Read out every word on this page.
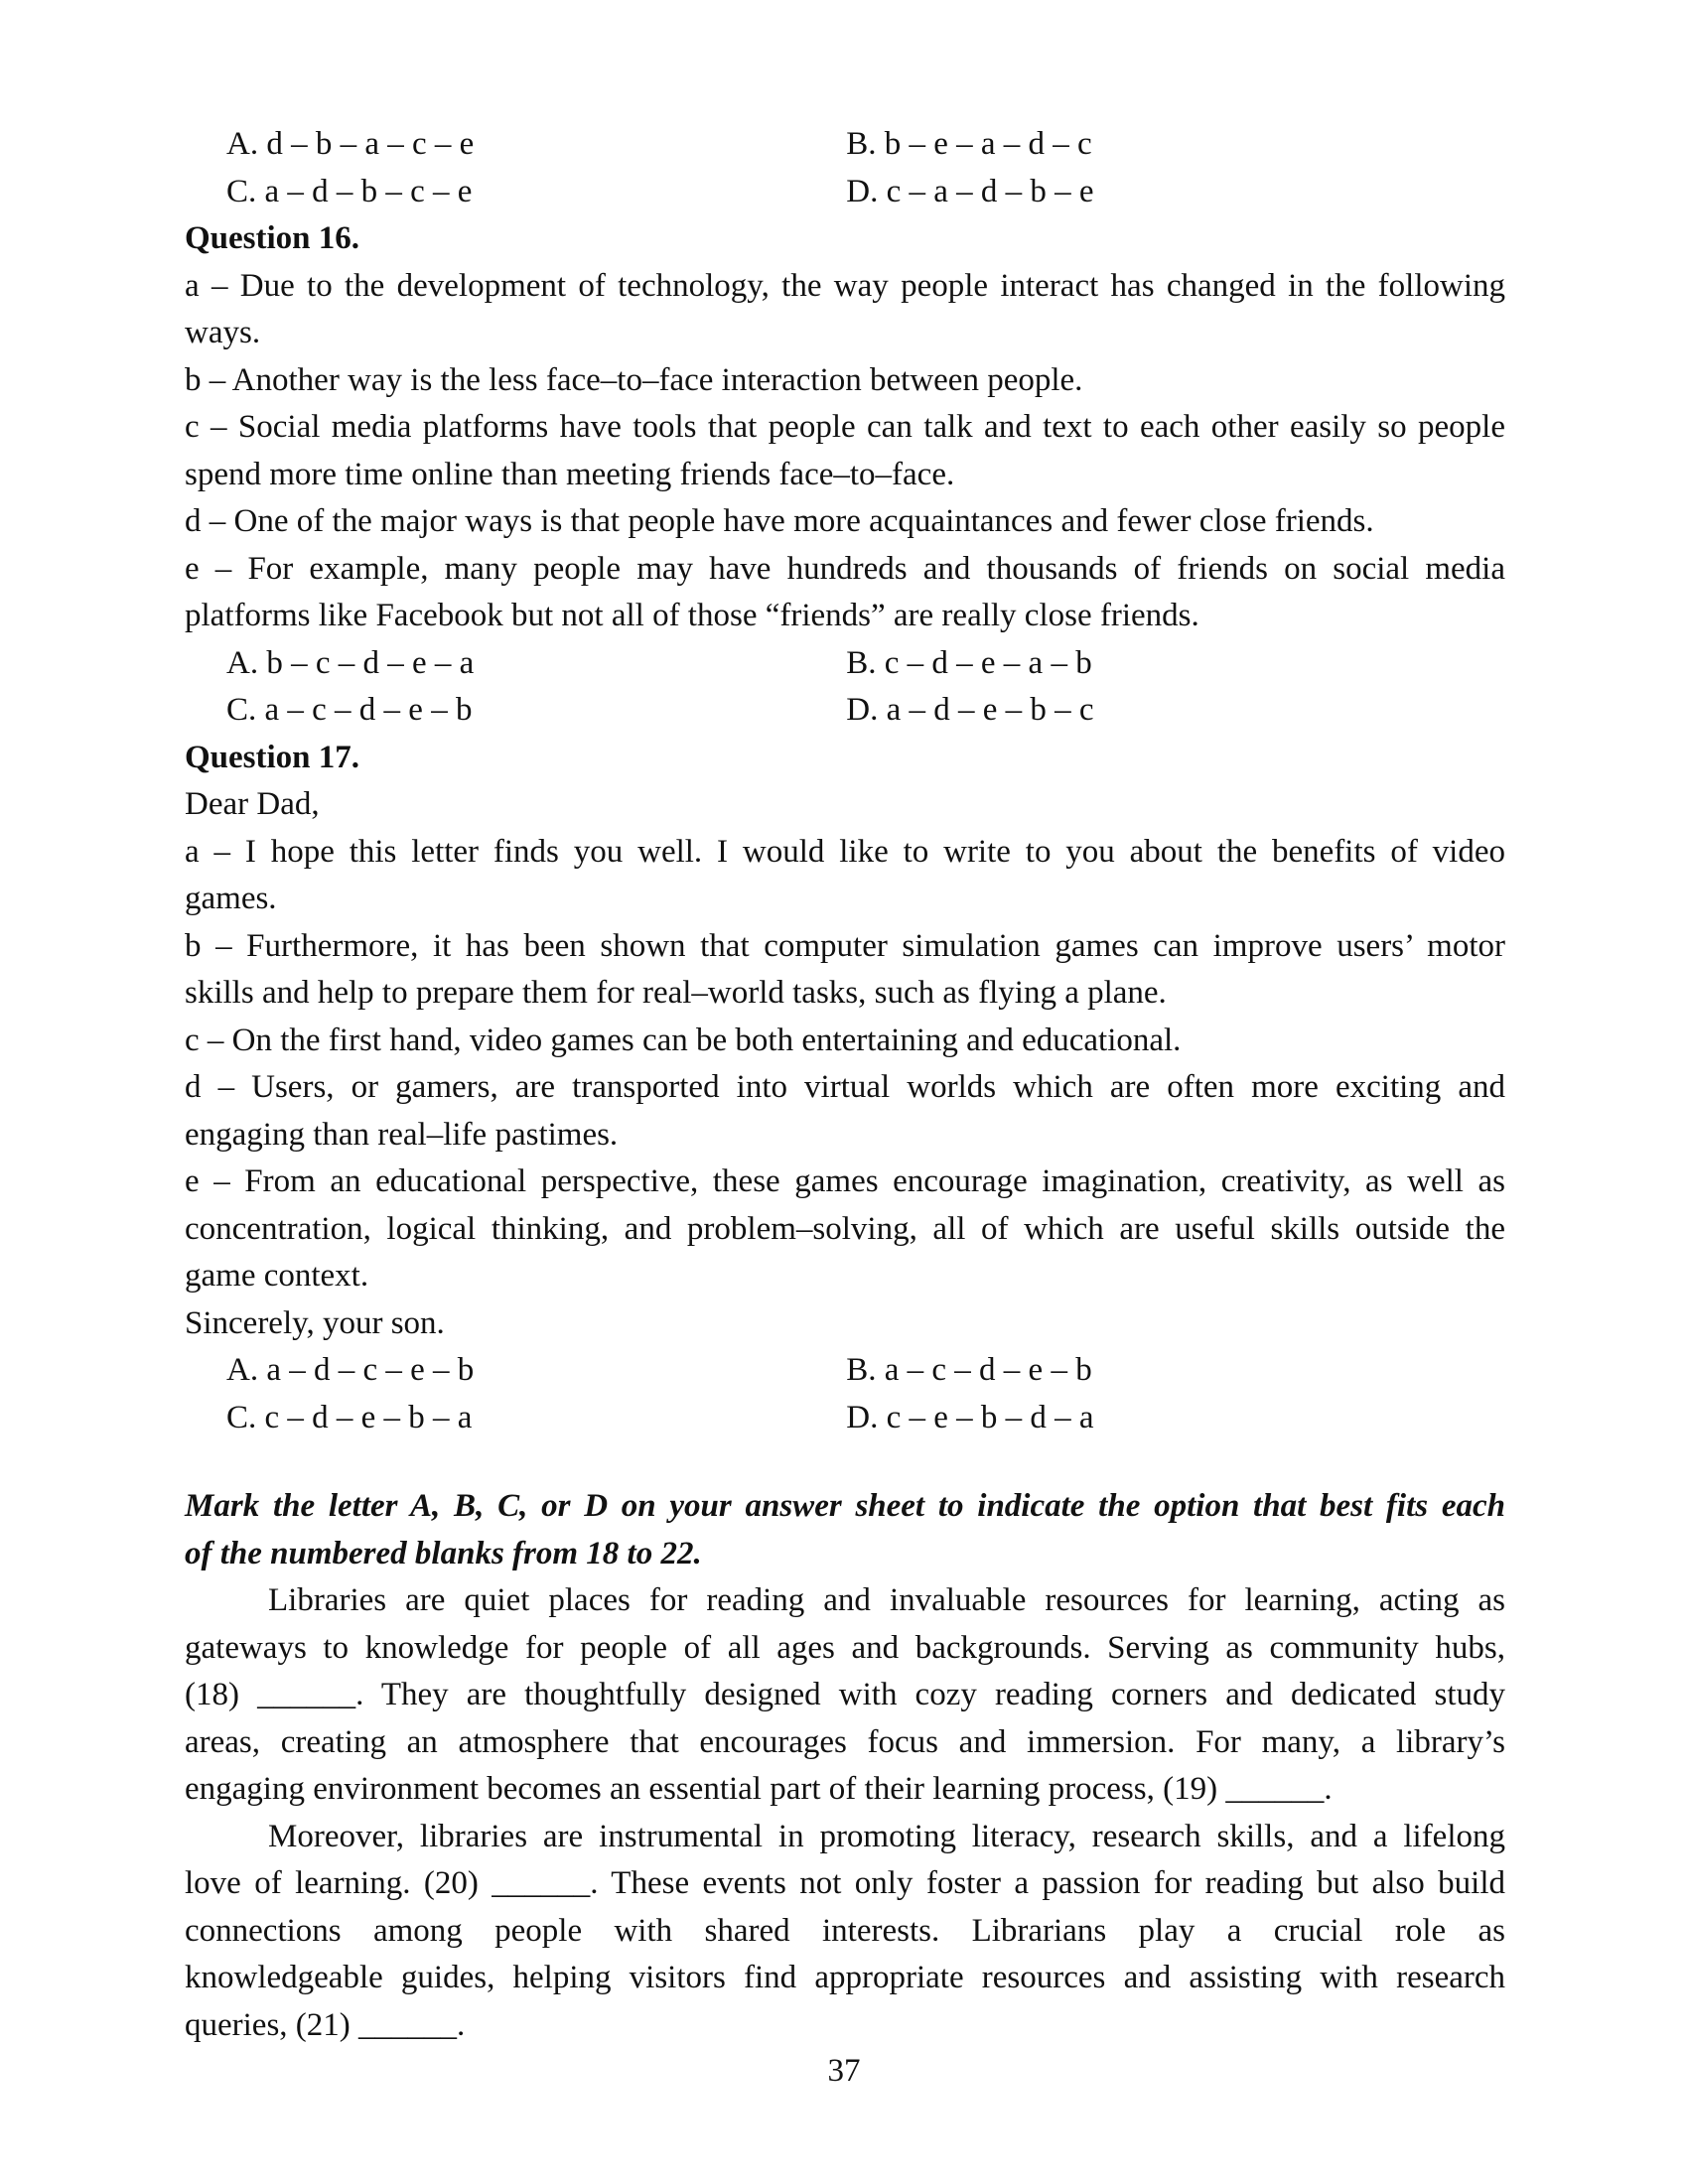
A. d – b – a – c – e	B. b – e – a – d – c
C. a – d – b – c – e	D. c – a – d – b – e

Question 16.

a – Due to the development of technology, the way people interact has changed in the following

ways.

b – Another way is the less face–to–face interaction between people.

c – Social media platforms have tools that people can talk and text to each other easily so people

spend more time online than meeting friends face–to–face.

d – One of the major ways is that people have more acquaintances and fewer close friends.

e – For example, many people may have hundreds and thousands of friends on social media

platforms like Facebook but not all of those “friends” are really close friends.

A. b – c – d – e – a	B. c – d – e – a – b
C. a – c – d – e – b	D. a – d – e – b – c

Question 17.

Dear Dad,

a – I hope this letter finds you well. I would like to write to you about the benefits of video

games.

b – Furthermore, it has been shown that computer simulation games can improve users’ motor

skills and help to prepare them for real–world tasks, such as flying a plane.

c – On the first hand, video games can be both entertaining and educational.

d – Users, or gamers, are transported into virtual worlds which are often more exciting and

engaging than real–life pastimes.

e – From an educational perspective, these games encourage imagination, creativity, as well as

concentration, logical thinking, and problem–solving, all of which are useful skills outside the

game context.

Sincerely, your son.

A. a – d – c – e – b	B. a – c – d – e – b
C. c – d – e – b – a	D. c – e – b – d – a

Mark the letter A, B, C, or D on your answer sheet to indicate the option that best fits each

of the numbered blanks from 18 to 22.

Libraries are quiet places for reading and invaluable resources for learning, acting as

gateways to knowledge for people of all ages and backgrounds. Serving as community hubs,

(18) ______. They are thoughtfully designed with cozy reading corners and dedicated study

areas, creating an atmosphere that encourages focus and immersion. For many, a library’s

engaging environment becomes an essential part of their learning process, (19) ______.

Moreover, libraries are instrumental in promoting literacy, research skills, and a lifelong

love of learning. (20) ______. These events not only foster a passion for reading but also build

connections among people with shared interests. Librarians play a crucial role as

knowledgeable guides, helping visitors find appropriate resources and assisting with research

queries, (21) ______.

37
